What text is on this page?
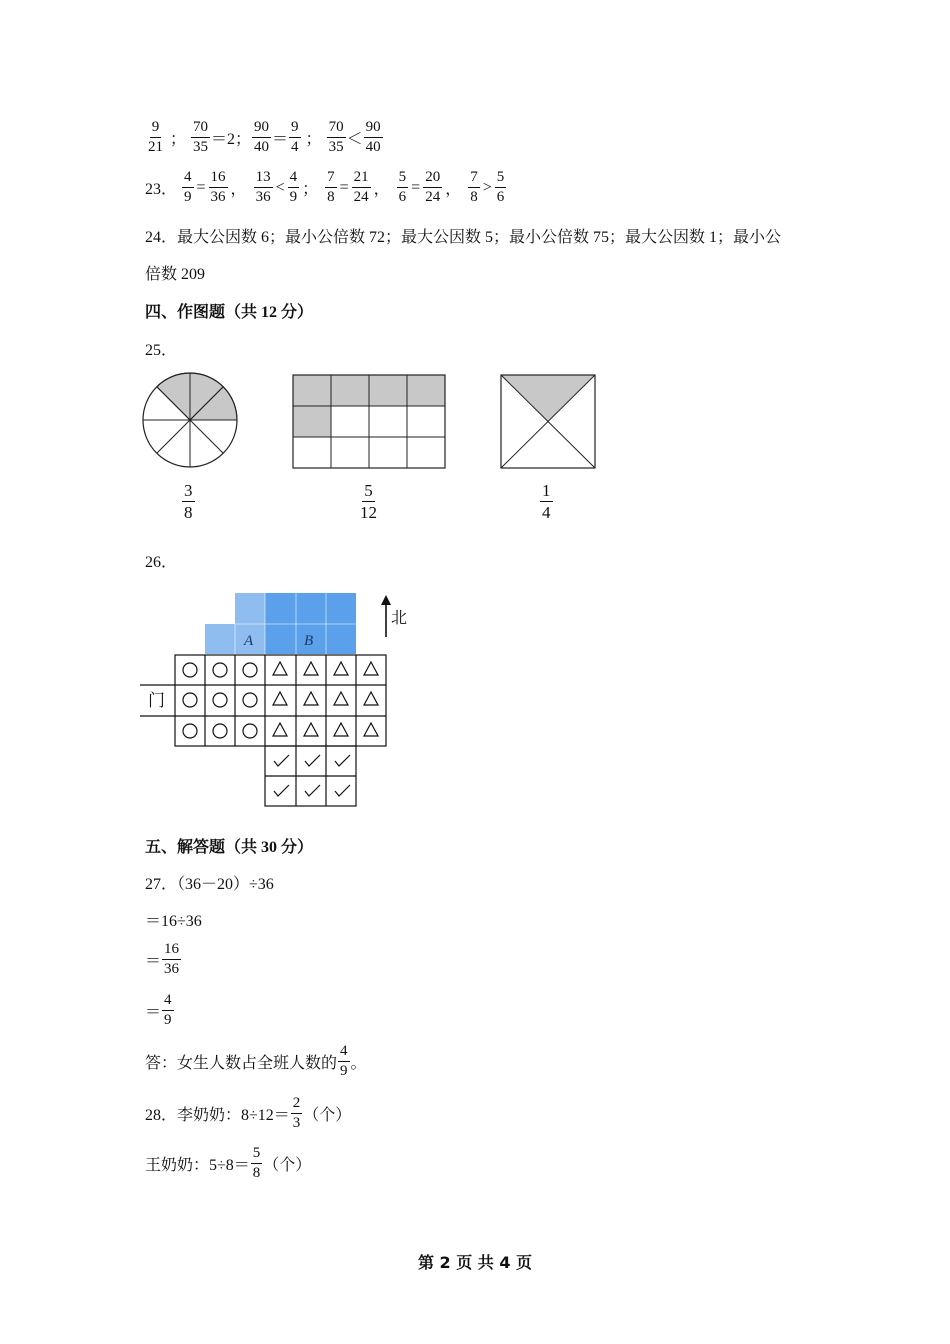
9
21 ；
70
35 ＝2；
90
40 ＝
9
4 ；
70
35 ＜
90
40
23． $\frac{4}{9} = \frac{16}{36}$ ，
13
36
<
4
9 ； $\frac{7}{8} = \frac{21}{24}$ ， $\frac{5}{6} = \frac{20}{24}$ ，
7
8
>
5
6
24．最大公因数 6；最小公倍数 72；最大公因数 5；最小公倍数 75；最大公因数 1；最小公
倍数 209
四、作图题（共 12 分）
25．
$\frac{3}{8}$	$\frac{5}{12}$	$\frac{1}{4}$
26．
A	B
北
门
五、解答题（共 30 分）
27．（36－20）÷36
＝16÷36
＝
16
36
＝
4
9
答：女生人数占全班人数的
4
9 。
28．李奶奶：8÷12＝
2
3 （个）
王奶奶：5÷8＝
5
8 （个）
第 2 页 共 4 页
